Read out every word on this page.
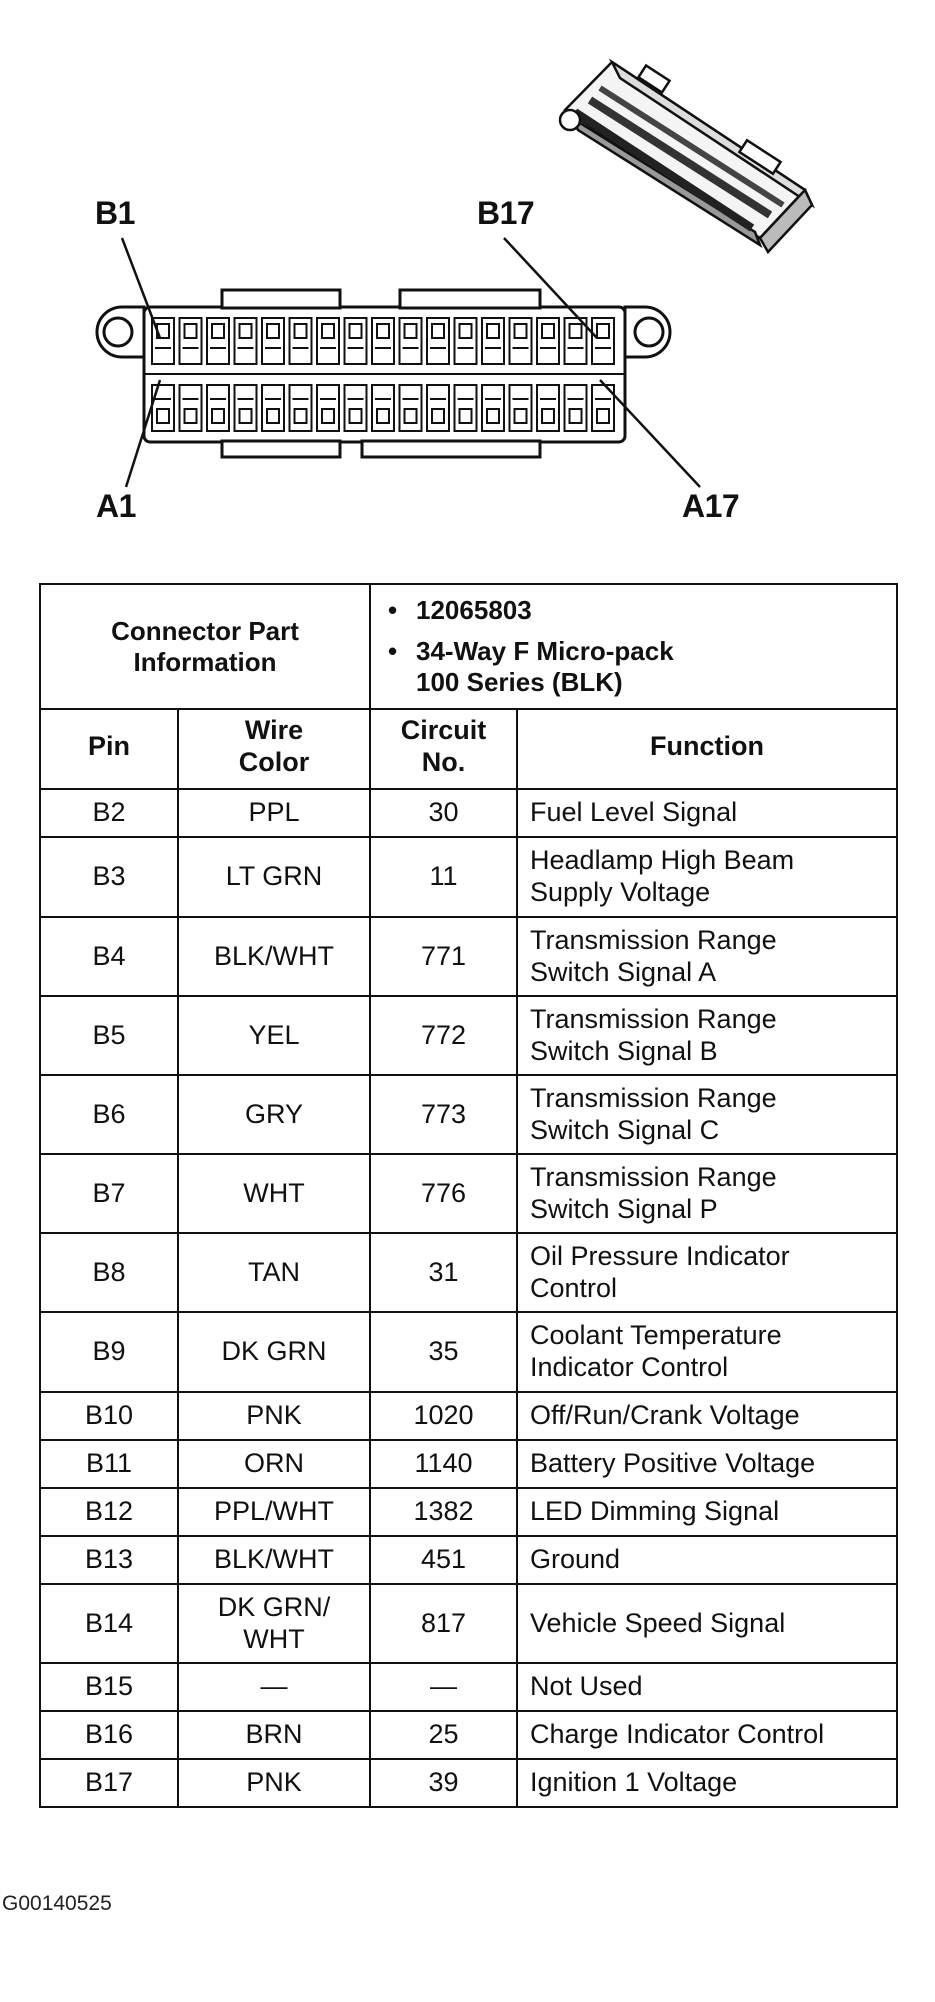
B1	B17
A1	A17
Connector Part Information		• 12065803
• 34-Way F Micro-pack
100 Series (BLK)

Pin	Wire Color	Circuit No.	Function

B2	PPL	30	Fuel Level Signal

B3	LT GRN	11	Headlamp High Beam
Supply Voltage

B4	BLK/WHT	771	Transmission Range
Switch Signal A

B5	YEL	772	Transmission Range
Switch Signal B

B6	GRY	773	Transmission Range
Switch Signal C

B7	WHT	776	Transmission Range
Switch Signal P

B8	TAN	31	Oil Pressure Indicator
Control

B9	DK GRN	35	Coolant Temperature
Indicator Control

B10	PNK	1020	Off/Run/Crank Voltage

B11	ORN	1140	Battery Positive Voltage

B12	PPL/WHT	1382	LED Dimming Signal

B13	BLK/WHT	451	Ground

B14	DK GRN/
WHT	817	Vehicle Speed Signal

B15	—	—	Not Used

B16	BRN	25	Charge Indicator Control

B17	PNK	39	Ignition 1 Voltage
G00140525
